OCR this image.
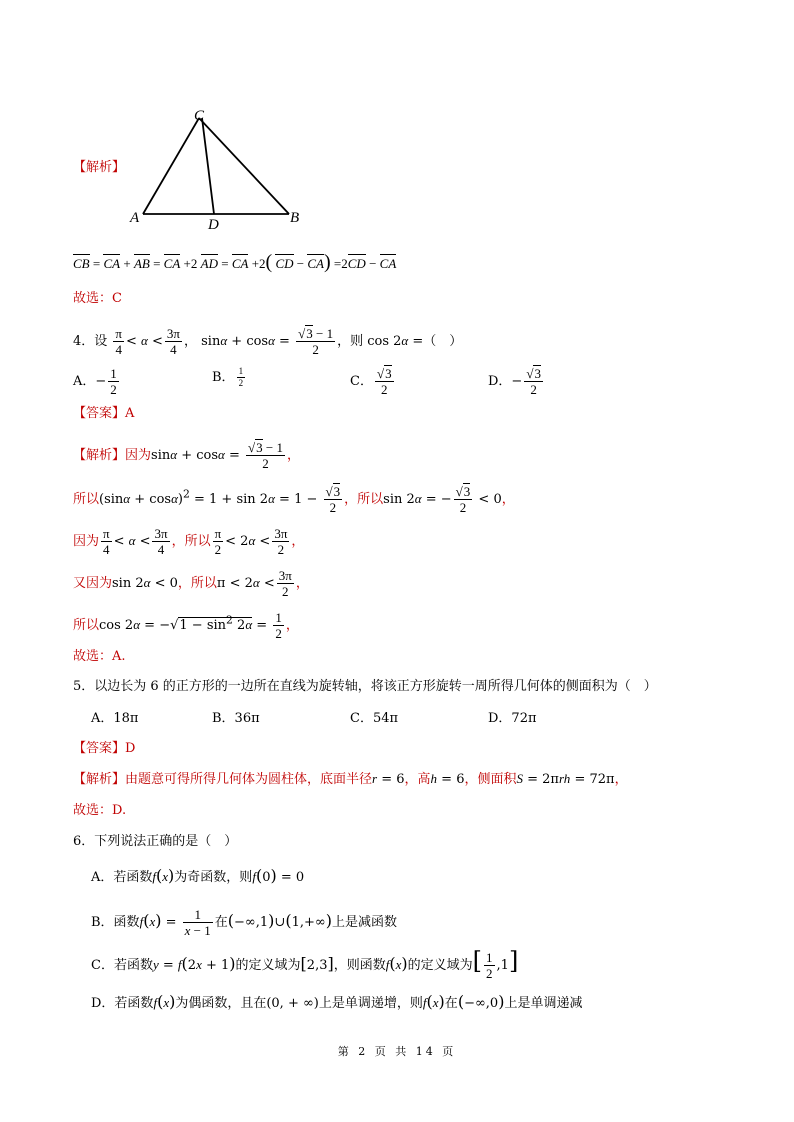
C
A	D	B
【解析】
CB = CA + AB = CA +2 AD = CA +2( CD − CA) =2CD − CA
故选：C
4．设 $\frac{\pi}{4} < \alpha < \frac{3\pi}{4}$ ， $\sin\alpha + \cos\alpha = \frac{√3 - 1}{2}$ ，则 cos 2α =（　）
A．− $\frac{1}{2}$	B． $\frac{1}{2}$	C． $\frac{√3}{2}$	D．− $\frac{√3}{2}$
【答案】A
【解析】因为$\sin\alpha + \cos\alpha = \frac{√3 - 1}{2}$ ，
所以$(\sin\alpha + \cos\alpha)^2 = 1 + \sin 2\alpha = 1 - \frac{√3}{2}$ ，所以sin 2α = − $\frac{√3}{2} < 0$，
因为 $\frac{\pi}{4} < \alpha < \frac{3\pi}{4}$ ，所以 $\frac{\pi}{2} < 2\alpha < \frac{3\pi}{2}$ ，
又因为sin 2α < 0，所以$\pi < 2\alpha < \frac{3\pi}{2}$ ，
所以$\cos 2\alpha = -√1 - \sin^2 2\alpha = \frac{1}{2}$ ，
故选：A.
5．以边长为 6 的正方形的一边所在直线为旋转轴，将该正方形旋转一周所得几何体的侧面积为（　）
A．18π	B．36π	C．54π	D．72π
【答案】D
【解析】由题意可得所得几何体为圆柱体，底面半径r = 6，高h = 6，侧面积S = 2πrh = 72π，
故选：D.
6．下列说法正确的是（　）
A．若函数f(x)为奇函数，则f(0) = 0
B．函数$f(x) = \frac{1}{x - 1}$ 在(−∞,1)∪(1,+∞)上是减函数
C．若函数y = f(2x + 1)的定义域为[2,3]，则函数f(x)的定义域为[ $\frac{1}{2} ,1$]
D．若函数f(x)为偶函数，且在(0, + ∞)上是单调递增，则f(x)在(−∞,0)上是单调递减
第 2 页 共 14 页
